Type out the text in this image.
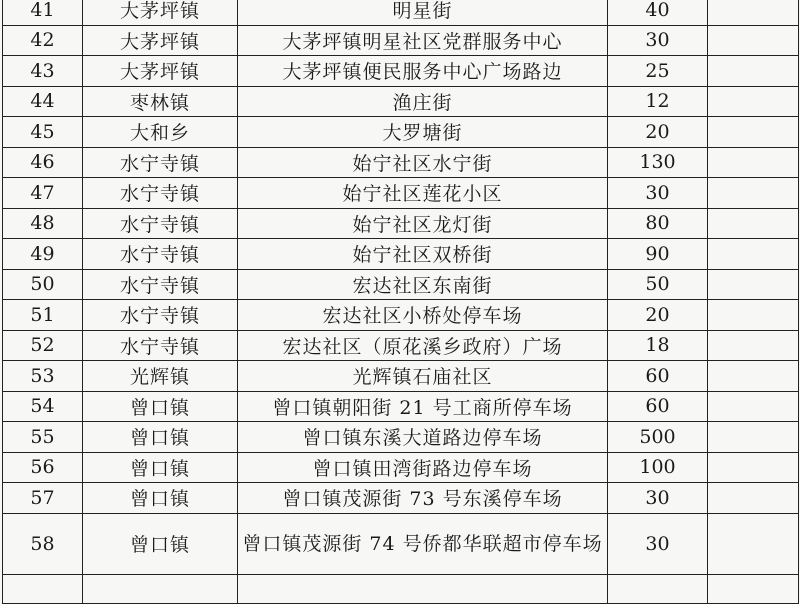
41	大茅坪镇	明星街	40	
42	大茅坪镇	大茅坪镇明星社区党群服务中心	30	
43	大茅坪镇	大茅坪镇便民服务中心广场路边	25	
44	枣林镇	渔庄街	12	
45	大和乡	大罗塘街	20	
46	水宁寺镇	始宁社区水宁街	130	
47	水宁寺镇	始宁社区莲花小区	30	
48	水宁寺镇	始宁社区龙灯街	80	
49	水宁寺镇	始宁社区双桥街	90	
50	水宁寺镇	宏达社区东南街	50	
51	水宁寺镇	宏达社区小桥处停车场	20	
52	水宁寺镇	宏达社区（原花溪乡政府）广场	18	
53	光辉镇	光辉镇石庙社区	60	
54	曾口镇	曾口镇朝阳街 21 号工商所停车场	60	
55	曾口镇	曾口镇东溪大道路边停车场	500	
56	曾口镇	曾口镇田湾街路边停车场	100	
57	曾口镇	曾口镇茂源街 73 号东溪停车场	30	
58	曾口镇	曾口镇茂源街 74 号侨都华联超市停车场	30	
